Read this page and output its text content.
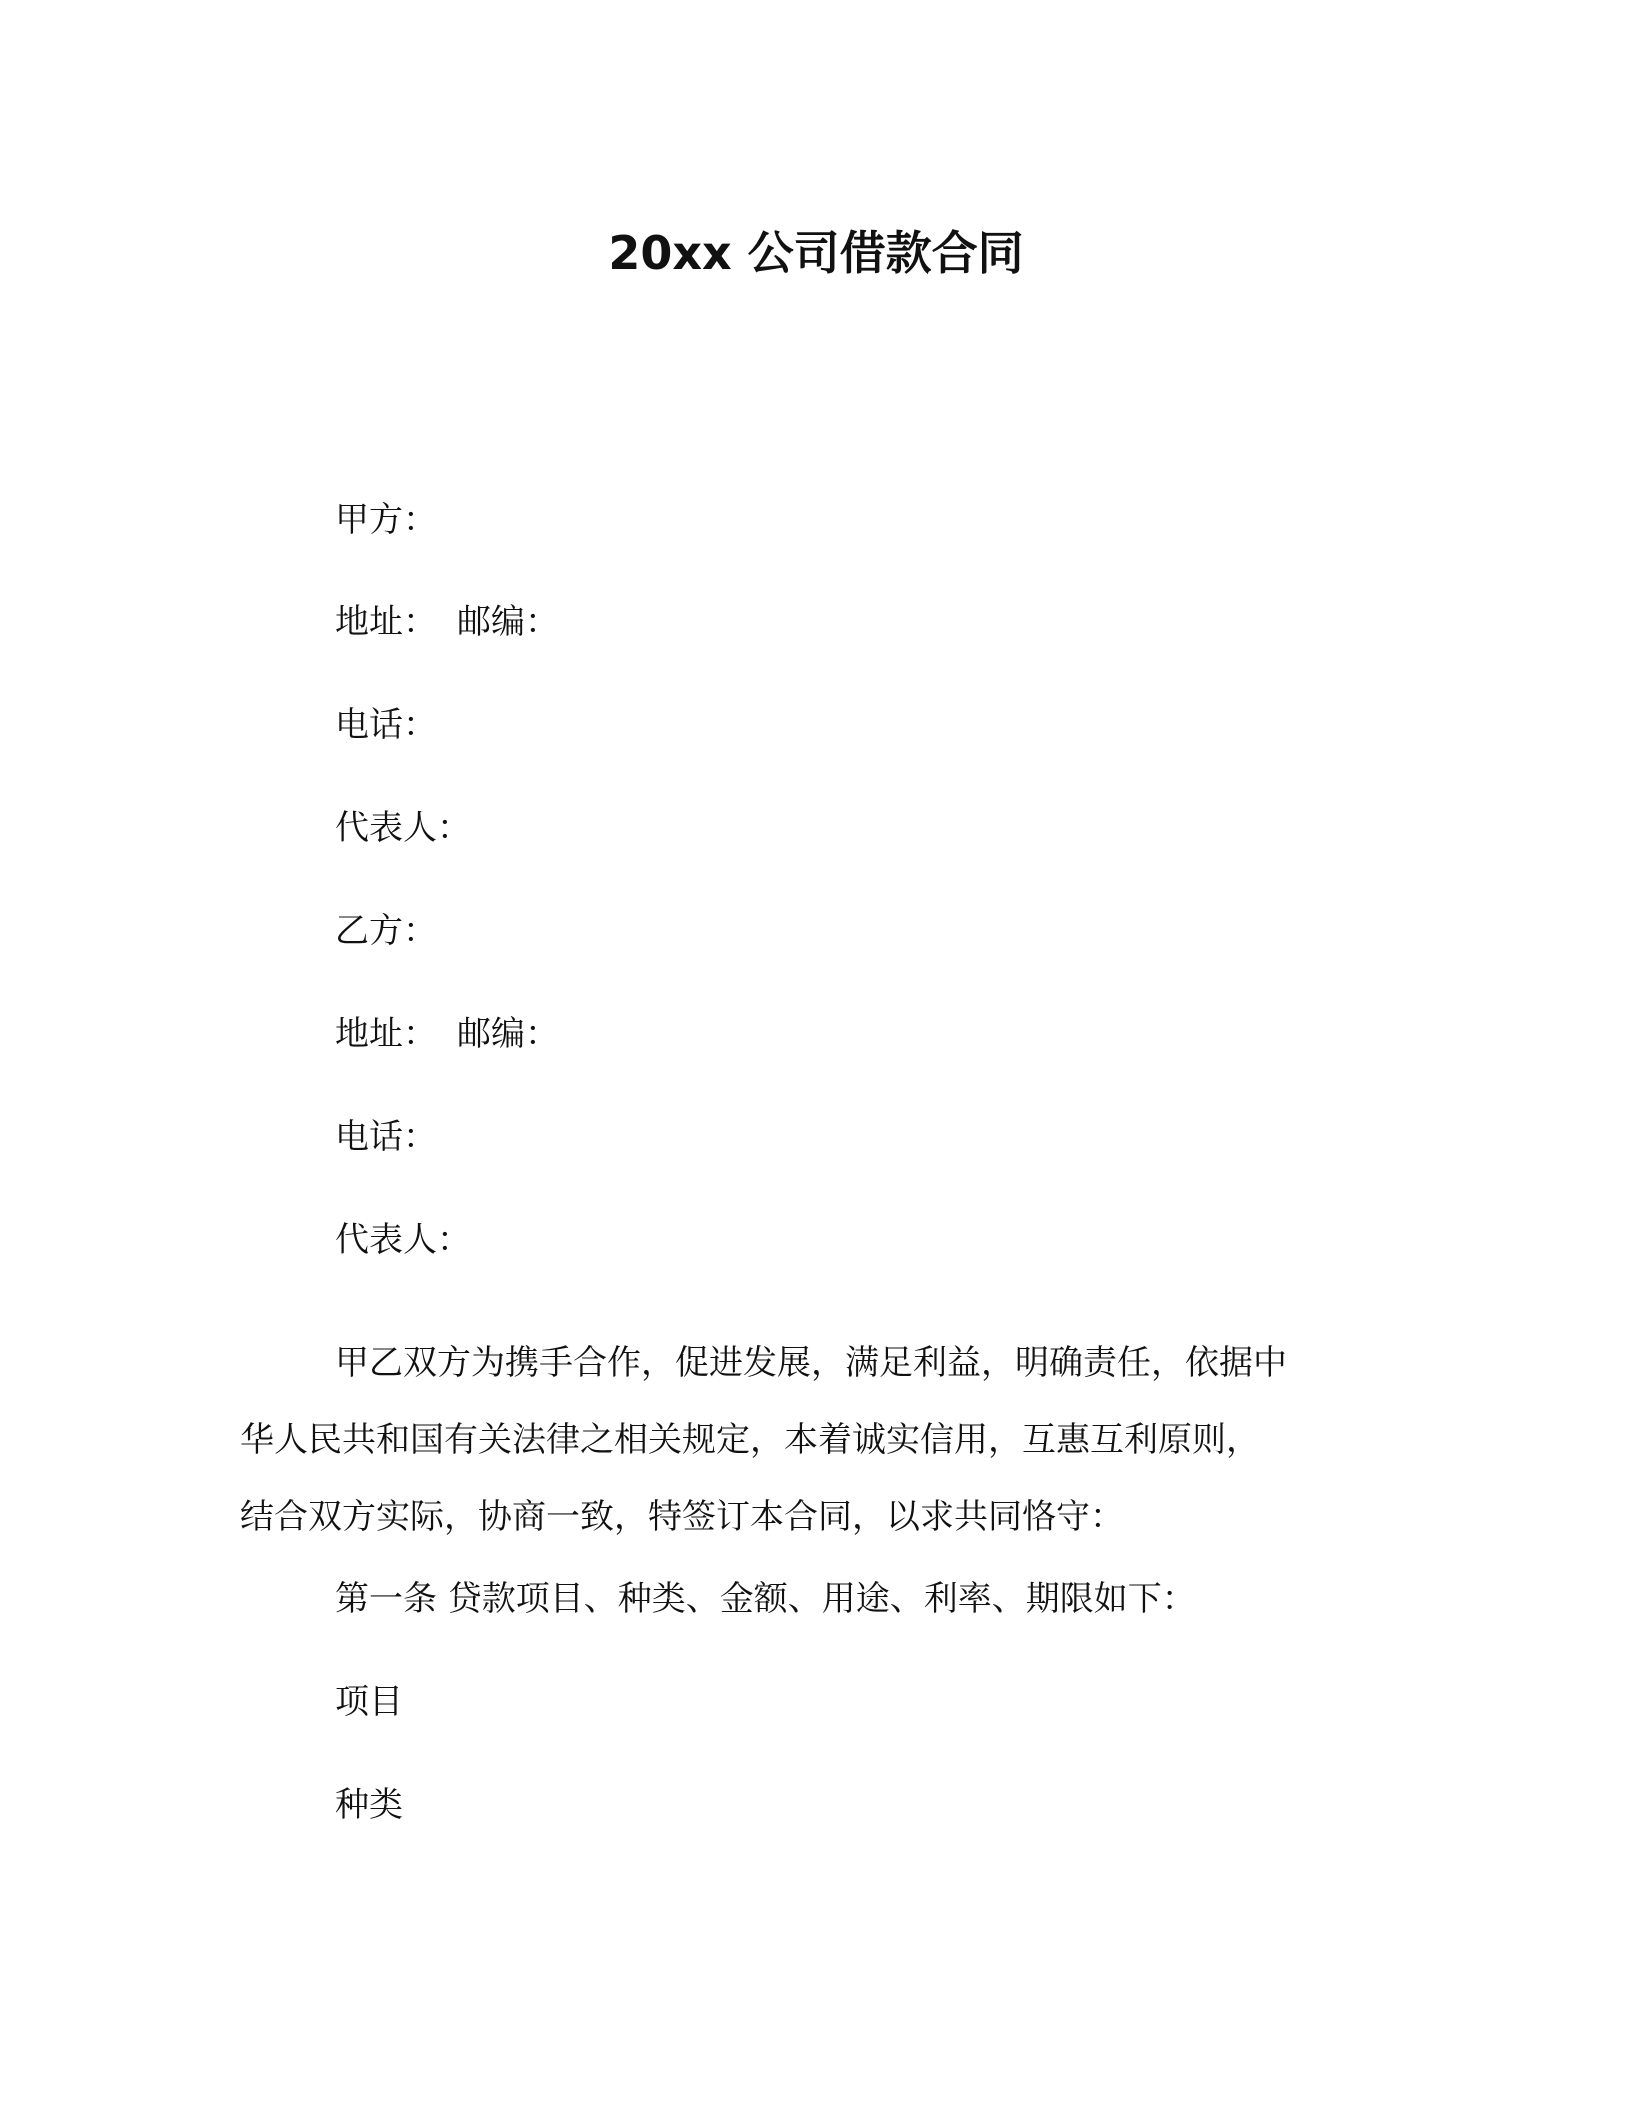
20xx 公司借款合同
甲方：
地址： 邮编：
电话：
代表人：
乙方：
地址： 邮编：
电话：
代表人：
甲乙双方为携手合作，促进发展，满足利益，明确责任，依据中
华人民共和国有关法律之相关规定，本着诚实信用，互惠互利原则，
结合双方实际，协商一致，特签订本合同，以求共同恪守：
第一条 贷款项目、种类、金额、用途、利率、期限如下：
项目
种类
